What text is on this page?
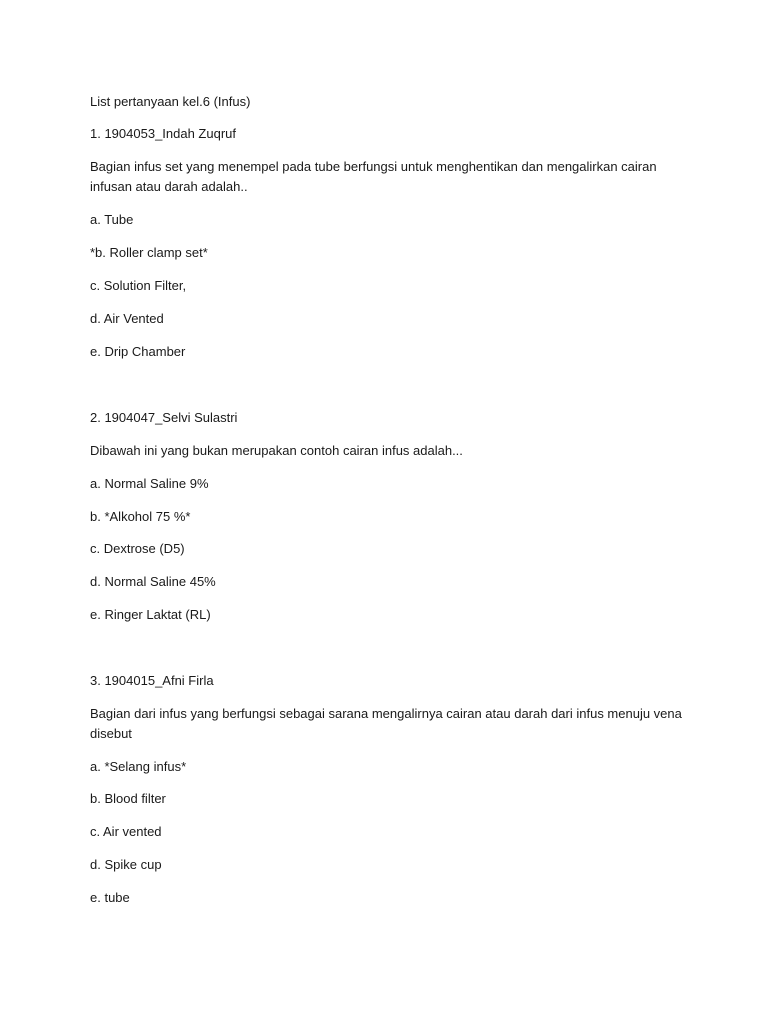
List pertanyaan kel.6 (Infus)
1. 1904053_Indah Zuqruf
Bagian infus set yang menempel pada tube berfungsi untuk menghentikan dan mengalirkan cairan
infusan atau darah adalah..
a. Tube
*b. Roller clamp set*
c. Solution Filter,
d. Air Vented
e. Drip Chamber
2. 1904047_Selvi Sulastri
Dibawah ini yang bukan merupakan contoh cairan infus adalah...
a. Normal Saline 9%
b. *Alkohol 75 %*
c. Dextrose (D5)
d. Normal Saline 45%
e. Ringer Laktat (RL)
3. 1904015_Afni Firla
Bagian dari infus yang berfungsi sebagai sarana mengalirnya cairan atau darah dari infus menuju vena
disebut
a. *Selang infus*
b. Blood filter
c. Air vented
d. Spike cup
e. tube
